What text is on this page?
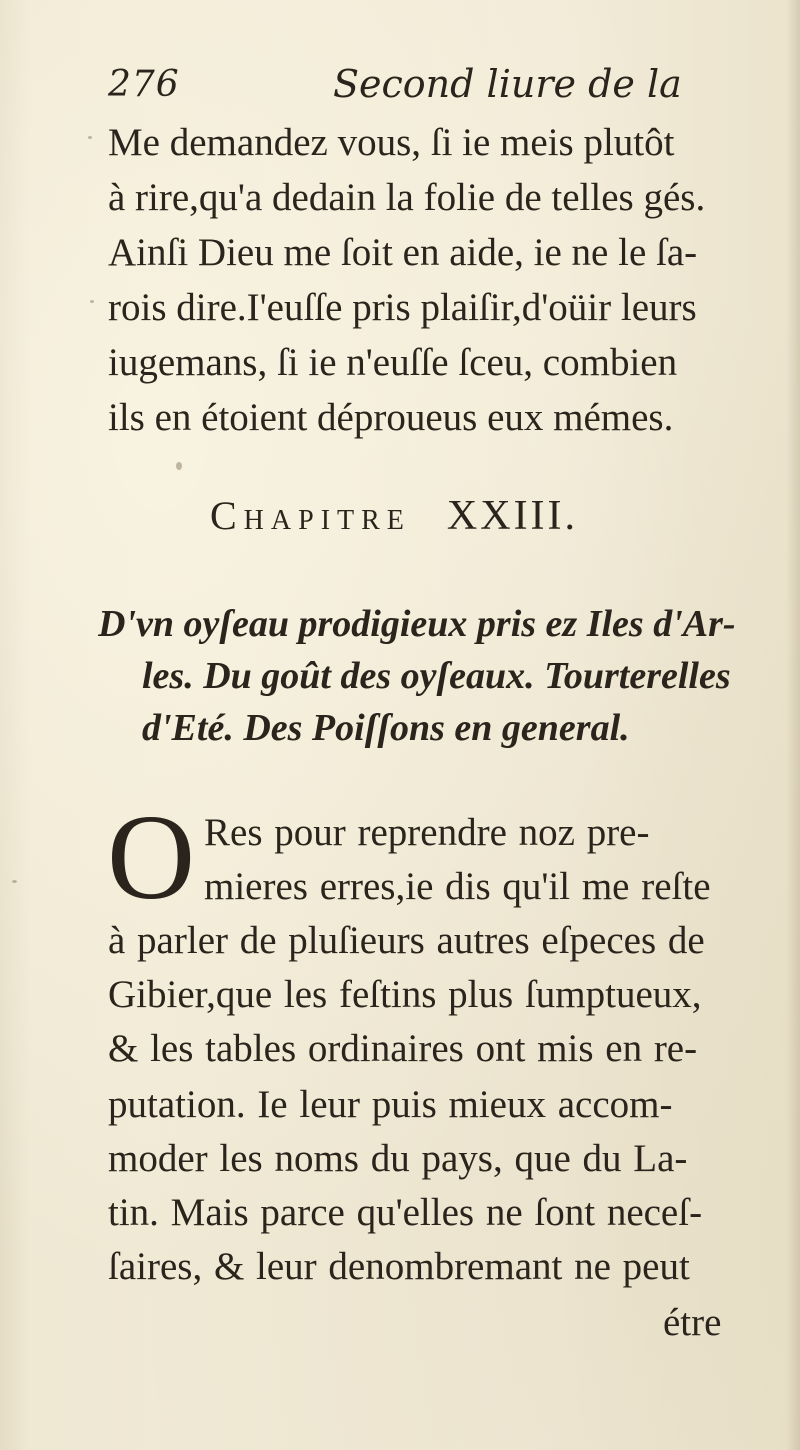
276	Second liure de la
Me demandez vous, ſi ie meis plutôt
à rire,qu'a dedain la folie de telles gés.
Ainſi Dieu me ſoit en aide, ie ne le ſa-
rois dire.I'euſſe pris plaiſir,d'oüir leurs
iugemans, ſi ie n'euſſe ſceu, combien
ils en étoient déproueus eux mémes.
Chapitre XXIII.
D'vn oyſeau prodigieux pris ez Iles d'Ar-
les. Du goût des oyſeaux. Tourterelles
d'Eté. Des Poiſſons en general.
O Res pour reprendre noz pre-
mieres erres,ie dis qu'il me reſte
à parler de pluſieurs autres eſpeces de
Gibier,que les feſtins plus ſumptueux,
& les tables ordinaires ont mis en re-
putation. Ie leur puis mieux accom-
moder les noms du pays, que du La-
tin. Mais parce qu'elles ne ſont neceſ-
ſaires, & leur denombremant ne peut
étre
